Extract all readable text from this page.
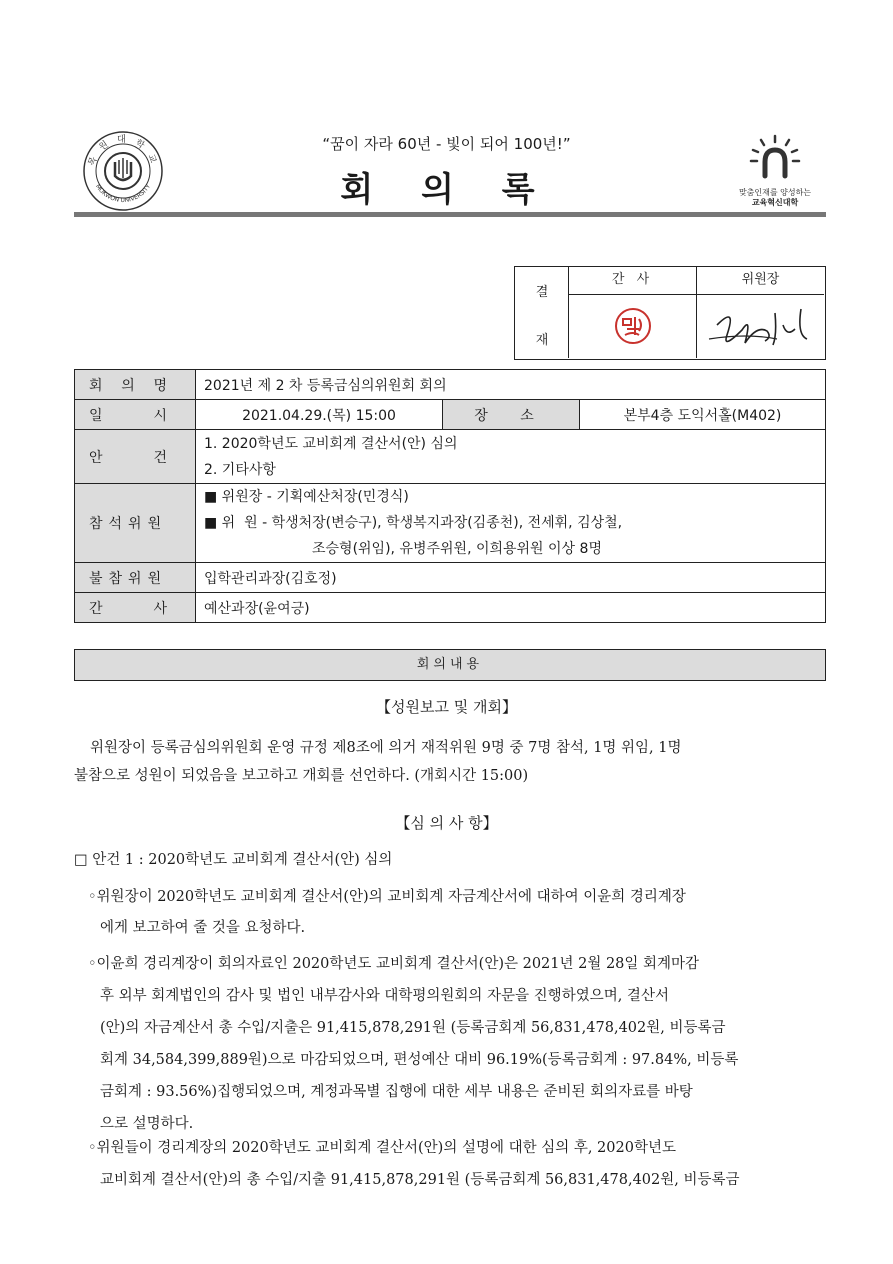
목 원 대 학 교
MOKWON UNIVERSITY
“꿈이 자라 60년 - 빛이 되어 100년!”
회 의 록	맞춤인재를 양성하는
교육혁신대학
결
재
간 사	위원장
회 의 명	2021년 제 2 차 등록금심의위원회 회의		
일 시	2021.04.29.(목) 15:00	장 소	본부4층 도익서홀(M402)
안 건	1. 2020학년도 교비회계 결산서(안) 심의
2. 기타사항		

참석위원	■ 위원장 - 기획예산처장(민경식)
■ 위  원 - 학생처장(변승구), 학생복지과장(김종천), 전세휘, 김상철,
조승형(위임), 유병주위원, 이희용위원 이상 8명		

불참위원	입학관리과장(김호정)		
간 사	예산과장(윤여긍)		
회의내용
【성원보고 및 개회】
위원장이 등록금심의위원회 운영 규정 제8조에 의거 재적위원 9명 중 7명 참석, 1명 위임, 1명
불참으로 성원이 되었음을 보고하고 개회를 선언하다. (개회시간 15:00)
【심 의 사 항】
□ 안건 1 : 2020학년도 교비회계 결산서(안) 심의
◦위원장이 2020학년도 교비회계 결산서(안)의 교비회계 자금계산서에 대하여 이윤희 경리계장
에게 보고하여 줄 것을 요청하다.
◦이윤희 경리계장이 회의자료인 2020학년도 교비회계 결산서(안)은 2021년 2월 28일 회계마감
후 외부 회계법인의 감사 및 법인 내부감사와 대학평의원회의 자문을 진행하였으며, 결산서
(안)의 자금계산서 총 수입/지출은 91,415,878,291원 (등록금회계 56,831,478,402원, 비등록금
회계 34,584,399,889원)으로 마감되었으며, 편성예산 대비 96.19%(등록금회계 : 97.84%, 비등록
금회계 : 93.56%)집행되었으며, 계정과목별 집행에 대한 세부 내용은 준비된 회의자료를 바탕
으로 설명하다.
◦위원들이 경리계장의 2020학년도 교비회계 결산서(안)의 설명에 대한 심의 후, 2020학년도
교비회계 결산서(안)의 총 수입/지출 91,415,878,291원 (등록금회계 56,831,478,402원, 비등록금
